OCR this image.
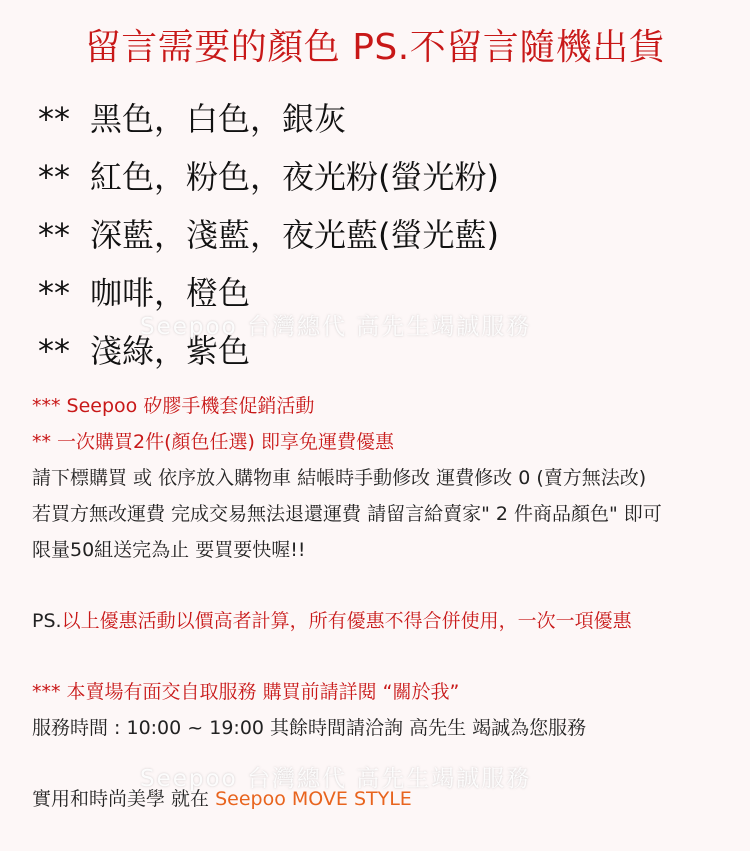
留言需要的顏色 PS.不留言隨機出貨
** 黑色，白色，銀灰
** 紅色，粉色，夜光粉(螢光粉)
** 深藍，淺藍，夜光藍(螢光藍)
** 咖啡，橙色
** 淺綠，紫色
Seepoo 台灣總代 高先生竭誠服務
*** Seepoo 矽膠手機套促銷活動
** 一次購買2件(顏色任選) 即享免運費優惠
請下標購買 或 依序放入購物車 結帳時手動修改 運費修改 0 (賣方無法改)
若買方無改運費 完成交易無法退還運費 請留言給賣家" 2 件商品顏色" 即可
限量50組送完為止 要買要快喔!!
PS.以上優惠活動以價高者計算，所有優惠不得合併使用，一次一項優惠
*** 本賣場有面交自取服務 購買前請詳閱 “關於我”
服務時間 : 10:00 ~ 19:00 其餘時間請洽詢 高先生 竭誠為您服務
實用和時尚美學 就在 Seepoo MOVE STYLE
Seepoo 台灣總代 高先生竭誠服務
